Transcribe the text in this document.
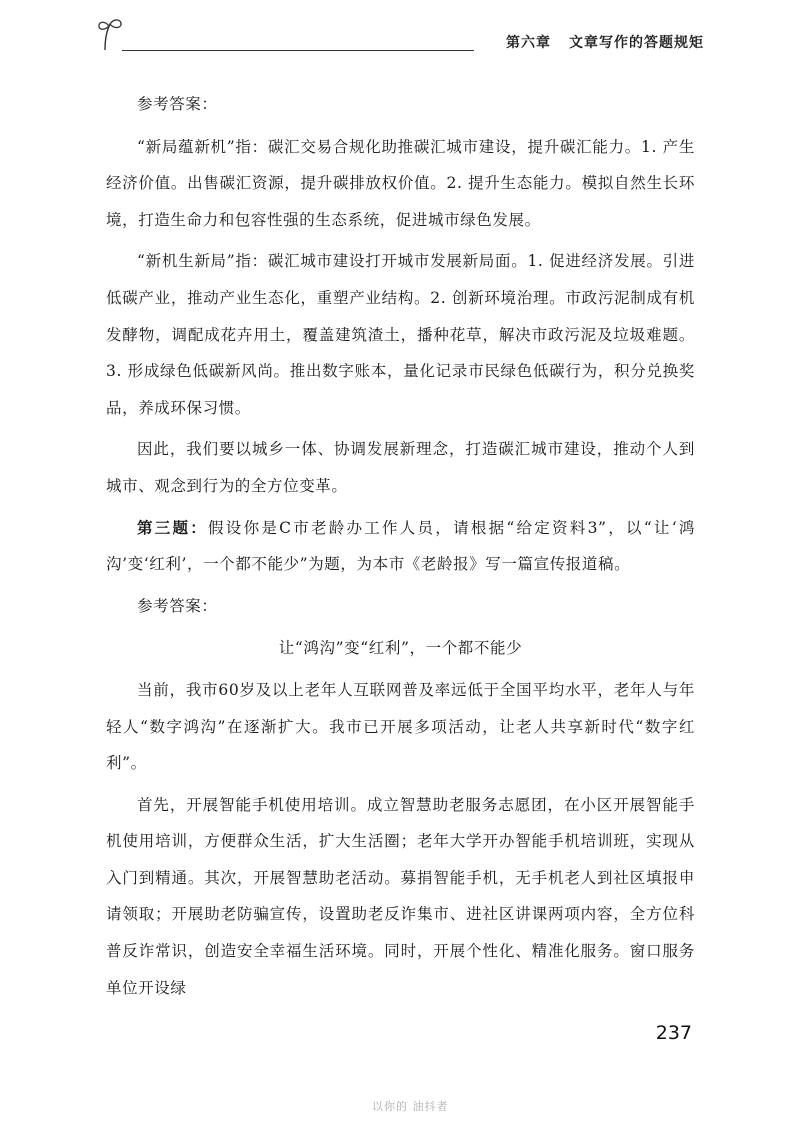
第六章 文章写作的答题规矩

参考答案：

“新局蕴新机”指：碳汇交易合规化助推碳汇城市建设，提升碳汇能力。1. 产生经济价值。出售碳汇资源，提升碳排放权价值。2. 提升生态能力。模拟自然生长环境，打造生命力和包容性强的生态系统，促进城市绿色发展。

“新机生新局”指：碳汇城市建设打开城市发展新局面。1. 促进经济发展。引进低碳产业，推动产业生态化，重塑产业结构。2. 创新环境治理。市政污泥制成有机发酵物，调配成花卉用土，覆盖建筑渣土，播种花草，解决市政污泥及垃圾难题。3. 形成绿色低碳新风尚。推出数字账本，量化记录市民绿色低碳行为，积分兑换奖品，养成环保习惯。

因此，我们要以城乡一体、协调发展新理念，打造碳汇城市建设，推动个人到城市、观念到行为的全方位变革。

第三题：假设你是C市老龄办工作人员，请根据“给定资料3”，以“让‘鸿沟’变‘红利’，一个都不能少”为题，为本市《老龄报》写一篇宣传报道稿。

参考答案：

让“鸿沟”变“红利”，一个都不能少

当前，我市60岁及以上老年人互联网普及率远低于全国平均水平，老年人与年轻人“数字鸿沟”在逐渐扩大。我市已开展多项活动，让老人共享新时代“数字红利”。

首先，开展智能手机使用培训。成立智慧助老服务志愿团，在小区开展智能手机使用培训，方便群众生活，扩大生活圈；老年大学开办智能手机培训班，实现从入门到精通。其次，开展智慧助老活动。募捐智能手机，无手机老人到社区填报申请领取；开展助老防骗宣传，设置助老反诈集市、进社区讲课两项内容，全方位科普反诈常识，创造安全幸福生活环境。同时，开展个性化、精准化服务。窗口服务单位开设绿

237
以你的 油抖者
